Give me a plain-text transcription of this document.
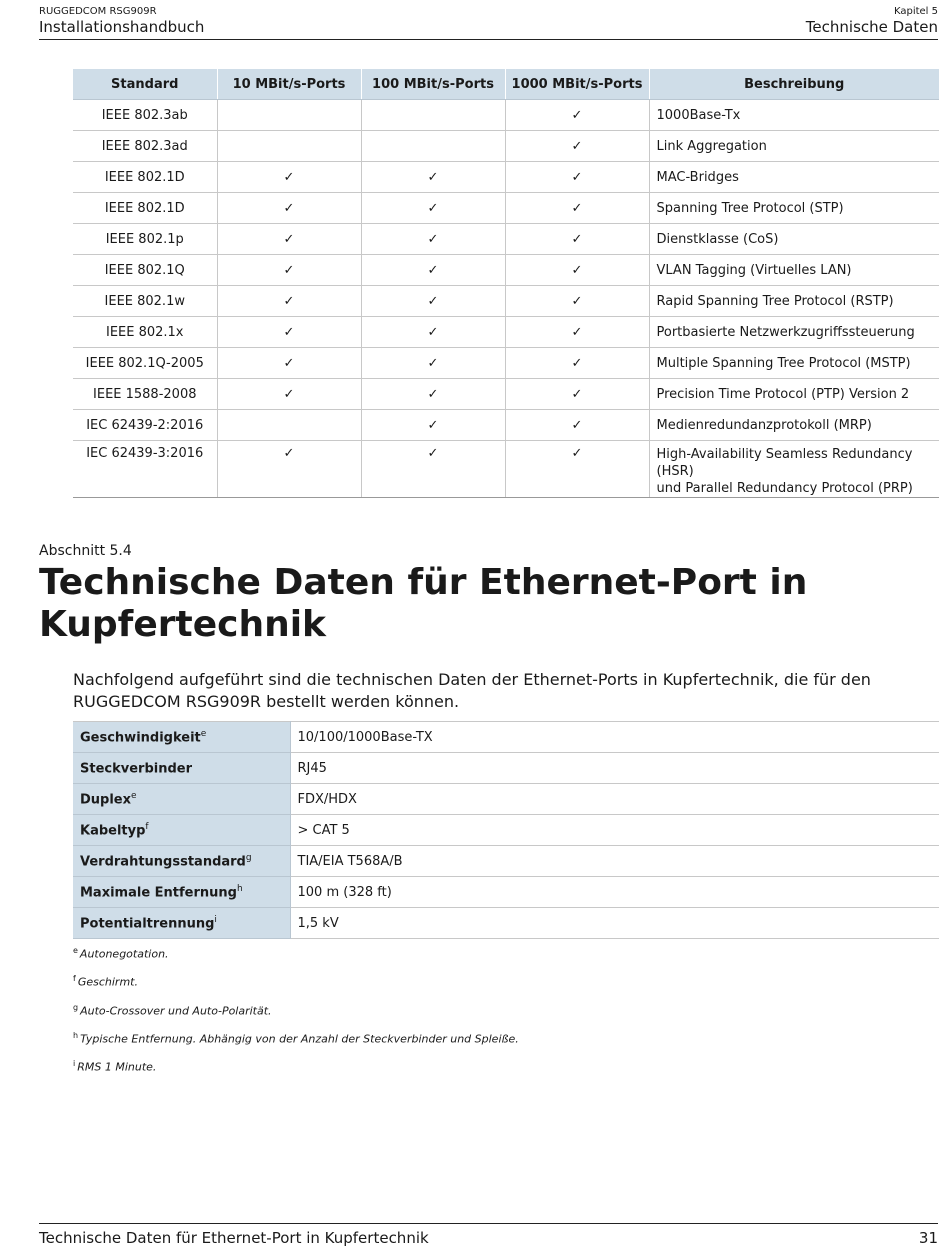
RUGGEDCOM RSG909R
Installationshandbuch
Kapitel 5
Technische Daten
Standard	10 MBit/s-Ports	100 MBit/s-Ports	1000 MBit/s-Ports	Beschreibung
IEEE 802.3ab			✓	1000Base-Tx
IEEE 802.3ad			✓	Link Aggregation
IEEE 802.1D	✓	✓	✓	MAC-Bridges
IEEE 802.1D	✓	✓	✓	Spanning Tree Protocol (STP)
IEEE 802.1p	✓	✓	✓	Dienstklasse (CoS)
IEEE 802.1Q	✓	✓	✓	VLAN Tagging (Virtuelles LAN)
IEEE 802.1w	✓	✓	✓	Rapid Spanning Tree Protocol (RSTP)
IEEE 802.1x	✓	✓	✓	Portbasierte Netzwerkzugriffssteuerung
IEEE 802.1Q-2005	✓	✓	✓	Multiple Spanning Tree Protocol (MSTP)
IEEE 1588-2008	✓	✓	✓	Precision Time Protocol (PTP) Version 2
IEC 62439-2:2016		✓	✓	Medienredundanzprotokoll (MRP)
IEC 62439-3:2016	✓	✓	✓	High-Availability Seamless Redundancy (HSR)
und Parallel Redundancy Protocol (PRP)
Abschnitt 5.4
Technische Daten für Ethernet-Port in Kupfertechnik

Nachfolgend aufgeführt sind die technischen Daten der Ethernet-Ports in Kupfertechnik, die für den RUGGEDCOM RSG909R bestellt werden können.

Geschwindigkeit$^e$	10/100/1000Base-TX
Steckverbinder	RJ45
Duplex$^e$	FDX/HDX
Kabeltyp$^f$	> CAT 5
Verdrahtungsstandard$^g$	TIA/EIA T568A/B
Maximale Entfernung$^h$	100 m (328 ft)
Potentialtrennung$^i$	1,5 kV
$^e$ Autonegotation.
$^f$ Geschirmt.
$^g$ Auto-Crossover und Auto-Polarität.
$^h$ Typische Entfernung. Abhängig von der Anzahl der Steckverbinder und Spleiße.
$^i$ RMS 1 Minute.
Technische Daten für Ethernet-Port in Kupfertechnik	31
